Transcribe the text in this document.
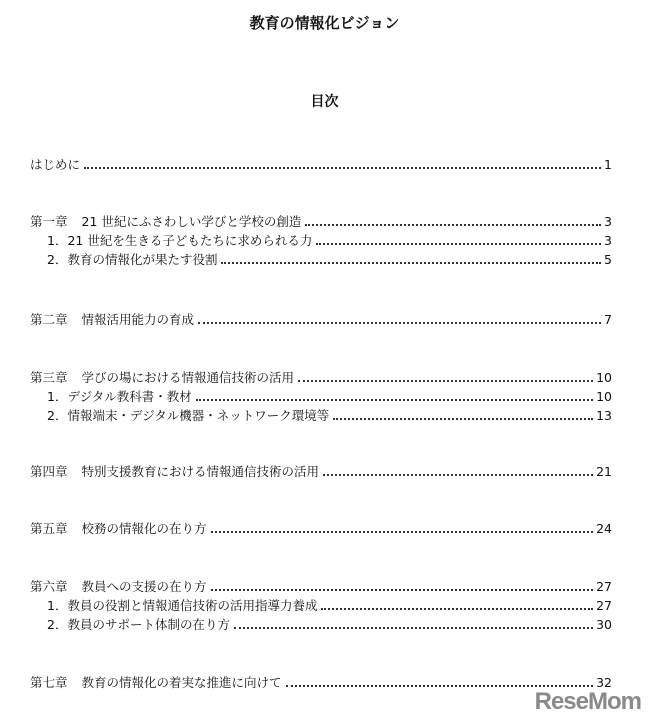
教育の情報化ビジョン
目次
はじめに	1
第一章 21 世紀にふさわしい学びと学校の創造	3
1．21 世紀を生きる子どもたちに求められる力	3
2．教育の情報化が果たす役割	5
第二章 情報活用能力の育成	7
第三章 学びの場における情報通信技術の活用	10
1．デジタル教科書・教材	10
2．情報端末・デジタル機器・ネットワーク環境等	13
第四章 特別支援教育における情報通信技術の活用	21
第五章 校務の情報化の在り方	24
第六章 教員への支援の在り方	27
1．教員の役割と情報通信技術の活用指導力養成	27
2．教員のサポート体制の在り方	30
第七章 教育の情報化の着実な推進に向けて	32
ReseMom
